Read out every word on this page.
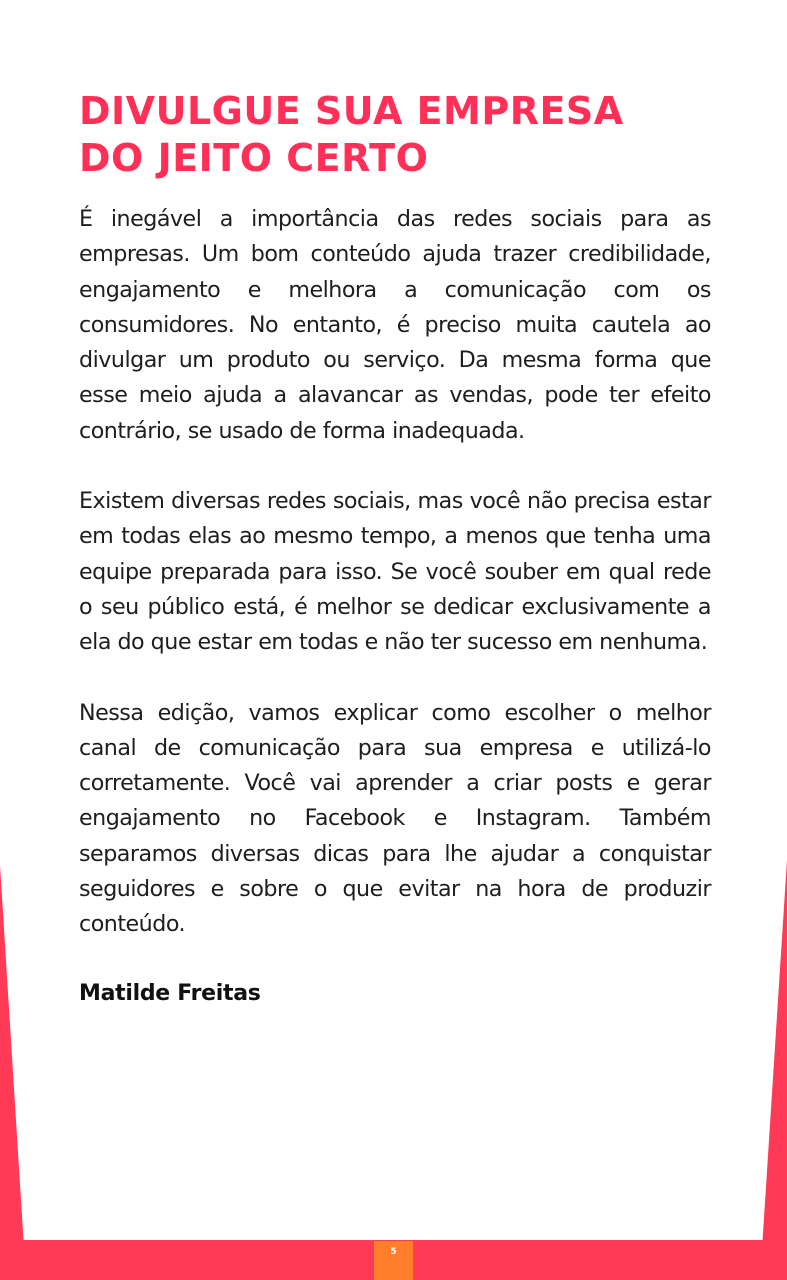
DIVULGUE SUA EMPRESA
DO JEITO CERTO

É inegável a importância das redes sociais para as empresas. Um bom conteúdo ajuda trazer credibilidade, engajamento e melhora a comunicação com os consumidores. No entanto, é preciso muita cautela ao divulgar um produto ou serviço. Da mesma forma que esse meio ajuda a alavancar as vendas, pode ter efeito contrário, se usado de forma inadequada.

Existem diversas redes sociais, mas você não precisa estar em todas elas ao mesmo tempo, a menos que tenha uma equipe preparada para isso. Se você souber em qual rede o seu público está, é melhor se dedicar exclusivamente a ela do que estar em todas e não ter sucesso em nenhuma.

Nessa edição, vamos explicar como escolher o melhor canal de comunicação para sua empresa e utilizá-lo corretamente. Você vai aprender a criar posts e gerar engajamento no Facebook e Instagram. Também separamos diversas dicas para lhe ajudar a conquistar seguidores e sobre o que evitar na hora de produzir conteúdo.

Matilde Freitas

5
